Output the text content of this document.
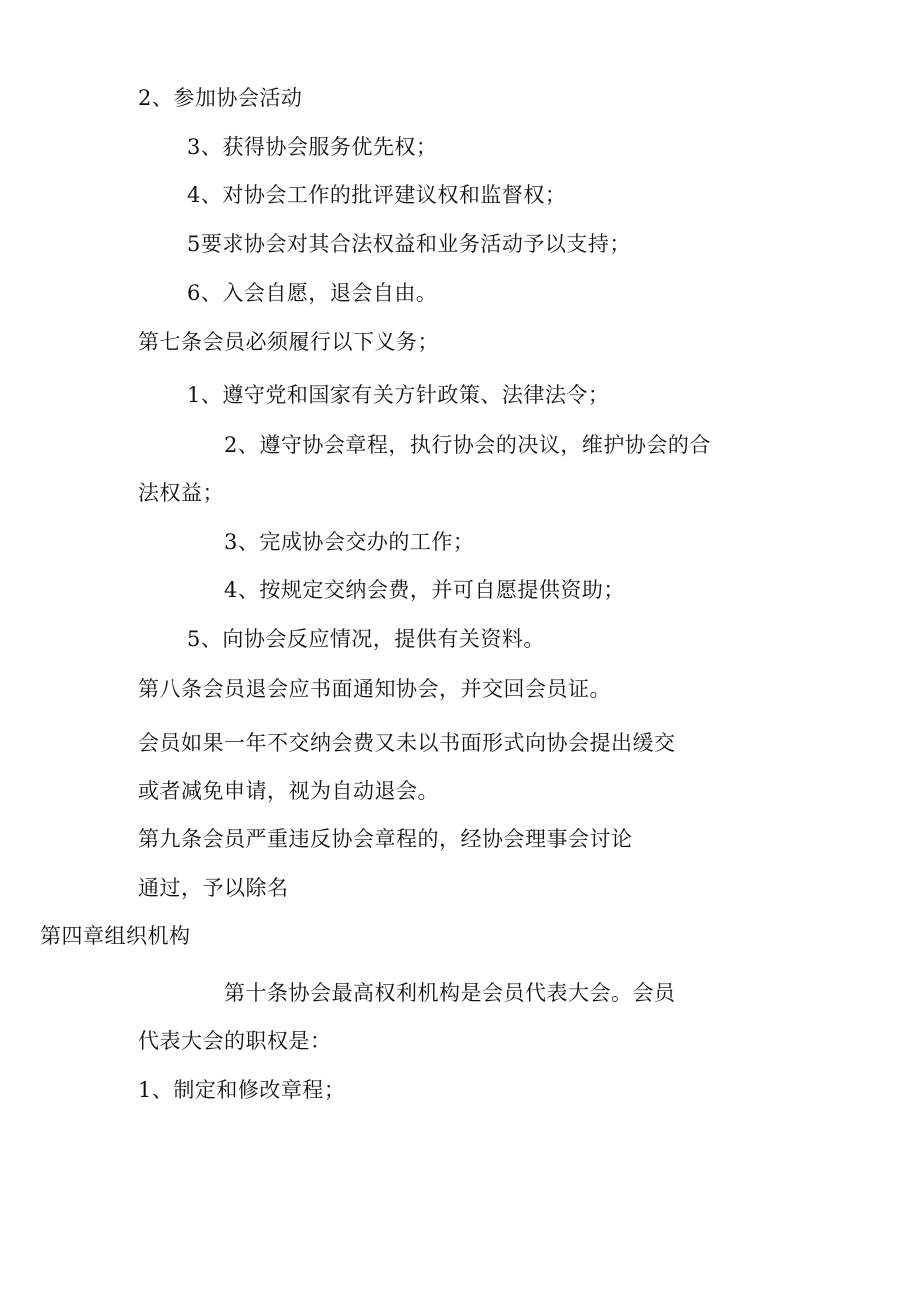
2、参加协会活动
3、获得协会服务优先权；
4、对协会工作的批评建议权和监督权；
5要求协会对其合法权益和业务活动予以支持；
6、入会自愿，退会自由。
第七条会员必须履行以下义务；
1、遵守党和国家有关方针政策、法律法令；
2、遵守协会章程，执行协会的决议，维护协会的合
法权益；
3、完成协会交办的工作；
4、按规定交纳会费，并可自愿提供资助；
5、向协会反应情况，提供有关资料。
第八条会员退会应书面通知协会，并交回会员证。
会员如果一年不交纳会费又未以书面形式向协会提出缓交
或者减免申请，视为自动退会。
第九条会员严重违反协会章程的，经协会理事会讨论
通过，予以除名
第四章组织机构
第十条协会最高权利机构是会员代表大会。会员
代表大会的职权是：
1、制定和修改章程；
